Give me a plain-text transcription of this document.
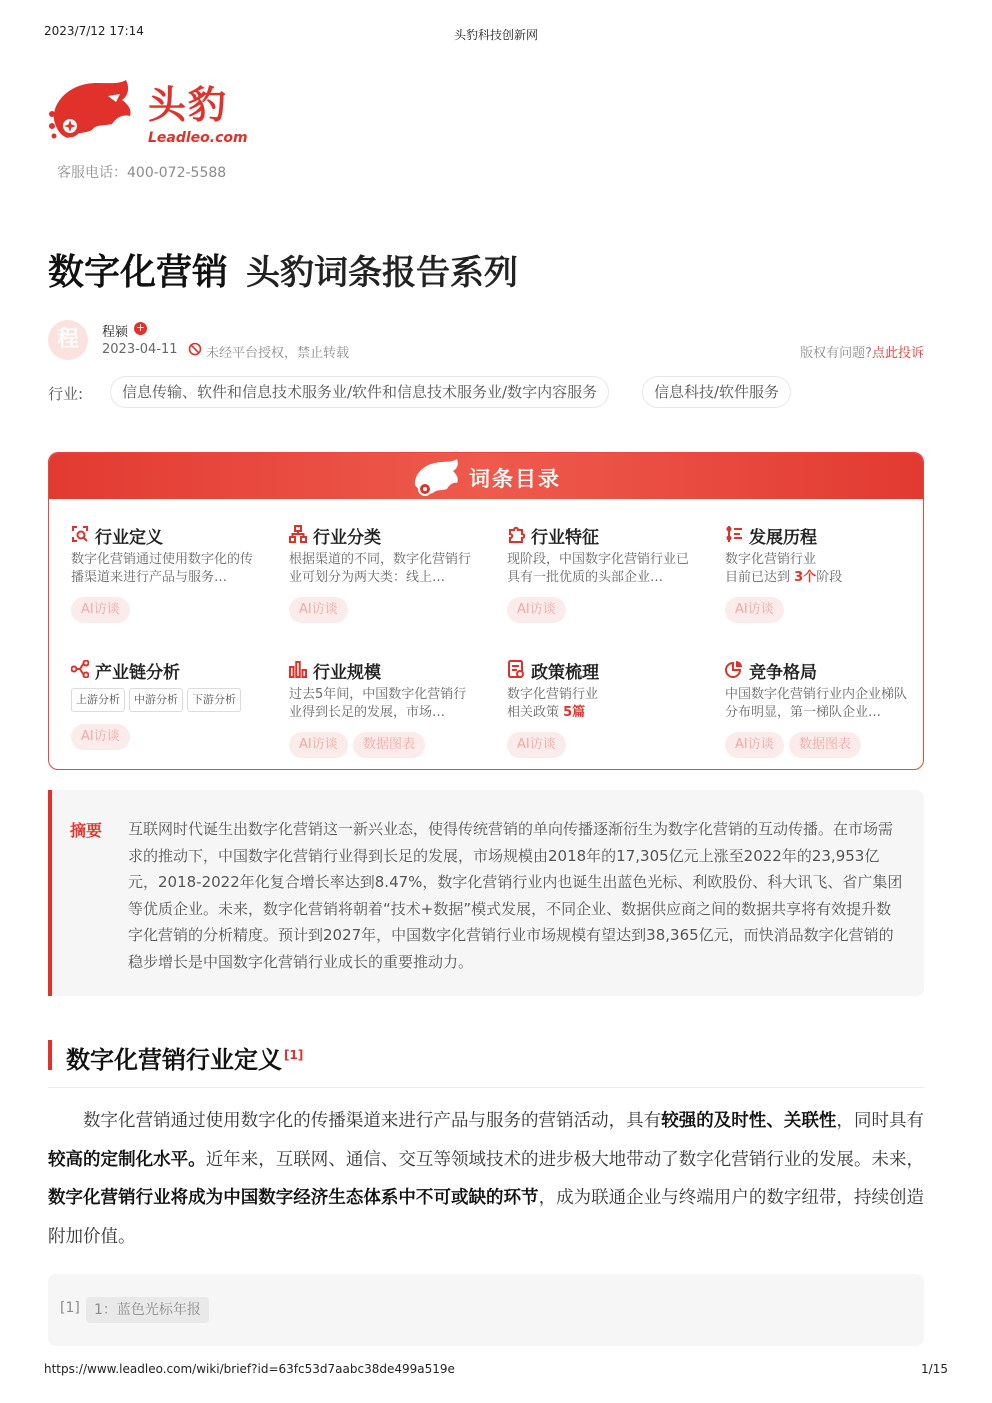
2023/7/12 17:14	头豹科技创新网
头豹
Leadleo.com
客服电话：400-072-5588
数字化营销 头豹词条报告系列
程	程颍 +
2023-04-11 未经平台授权，禁止转载	版权有问题?点此投诉
行业:	信息传输、软件和信息技术服务业/软件和信息技术服务业/数字内容服务	信息科技/软件服务
词条目录
行业定义
数字化营销通过使用数字化的传播渠道来进行产品与服务…
AI访谈
行业分类
根据渠道的不同，数字化营销行业可划分为两大类：线上…
AI访谈
行业特征
现阶段，中国数字化营销行业已具有一批优质的头部企业…
AI访谈
发展历程
数字化营销行业
目前已达到 3个阶段
AI访谈
产业链分析
上游分析	中游分析	下游分析
AI访谈
行业规模
过去5年间，中国数字化营销行业得到长足的发展，市场…
AI访谈	数据图表
政策梳理
数字化营销行业
相关政策 5篇
AI访谈
竞争格局
中国数字化营销行业内企业梯队分布明显，第一梯队企业…
AI访谈	数据图表
摘要 互联网时代诞生出数字化营销这一新兴业态，使得传统营销的单向传播逐渐衍生为数字化营销的互动传播。在市场需求的推动下，中国数字化营销行业得到长足的发展，市场规模由2018年的17,305亿元上涨至2022年的23,953亿元，2018-2022年化复合增长率达到8.47%，数字化营销行业内也诞生出蓝色光标、利欧股份、科大讯飞、省广集团等优质企业。未来，数字化营销将朝着“技术+数据”模式发展，不同企业、数据供应商之间的数据共享将有效提升数字化营销的分析精度。预计到2027年，中国数字化营销行业市场规模有望达到38,365亿元，而快消品数字化营销的稳步增长是中国数字化营销行业成长的重要推动力。
数字化营销行业定义 [1]
数字化营销通过使用数字化的传播渠道来进行产品与服务的营销活动，具有较强的及时性、关联性，同时具有较高的定制化水平。近年来，互联网、通信、交互等领域技术的进步极大地带动了数字化营销行业的发展。未来，数字化营销行业将成为中国数字经济生态体系中不可或缺的环节，成为联通企业与终端用户的数字纽带，持续创造附加价值。
[1]	1：蓝色光标年报
https://www.leadleo.com/wiki/brief?id=63fc53d7aabc38de499a519e	1/15
